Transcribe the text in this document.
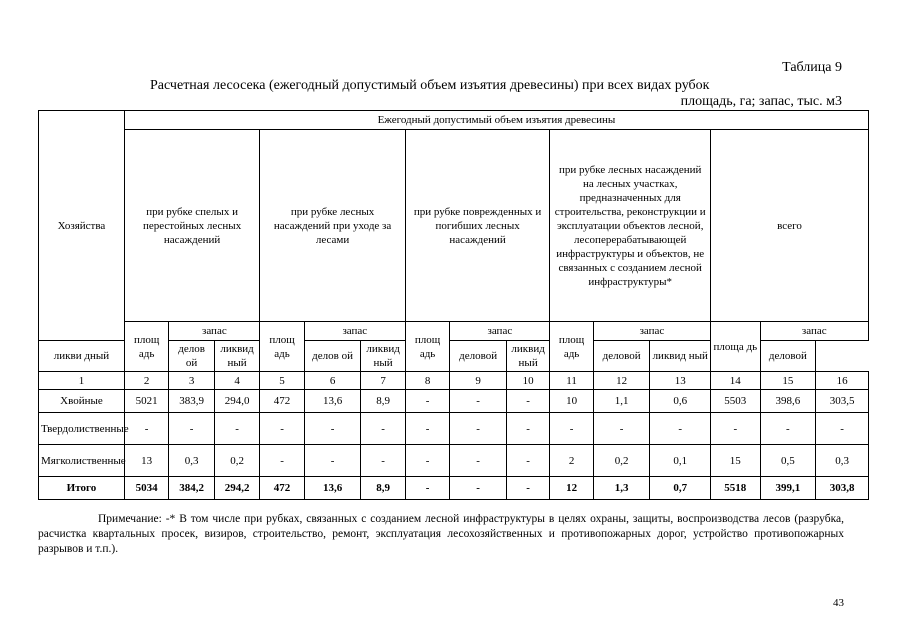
Таблица 9
Расчетная лесосека (ежегодный допустимый объем изъятия древесины) при всех видах рубок
площадь, га; запас, тыс. м3
Хозяйства	Ежегодный допустимый объем изъятия древесины														
	при рубке спелых и перестойных лесных насаждений			при рубке лесных насаждений при уходе за лесами			при рубке поврежденных и погибших лесных насаждений			при рубке лесных насаждений на лесных участках, предназначенных для строительства, реконструкции и эксплуатации объектов лесной, лесоперерабатывающей инфраструктуры и объектов, не связанных с созданием лесной инфраструктуры*			всего		
	площ адь	запас		площ адь	запас		площ адь	запас		площ адь	запас		площа дь	запас	
ликви дный		делов ой	ликвид ный		делов ой	ликвид ный		деловой	ликвид ный		деловой	ликвид ный		деловой	
1	2	3	4	5	6	7	8	9	10	11	12	13	14	15	16
Хвойные	5021	383,9	294,0	472	13,6	8,9	-	-	-	10	1,1	0,6	5503	398,6	303,5
Твердолиственные	-	-	-	-	-	-	-	-	-	-	-	-	-	-	-
Мягколиственные	13	0,3	0,2	-	-	-	-	-	-	2	0,2	0,1	15	0,5	0,3
Итого	5034	384,2	294,2	472	13,6	8,9	-	-	-	12	1,3	0,7	5518	399,1	303,8
Примечание: -* В том числе при рубках, связанных с созданием лесной инфраструктуры в целях охраны, защиты, воспроизводства лесов (разрубка, расчистка квартальных просек, визиров, строительство, ремонт, эксплуатация лесохозяйственных и противопожарных дорог, устройство противопожарных разрывов и т.п.).
43
